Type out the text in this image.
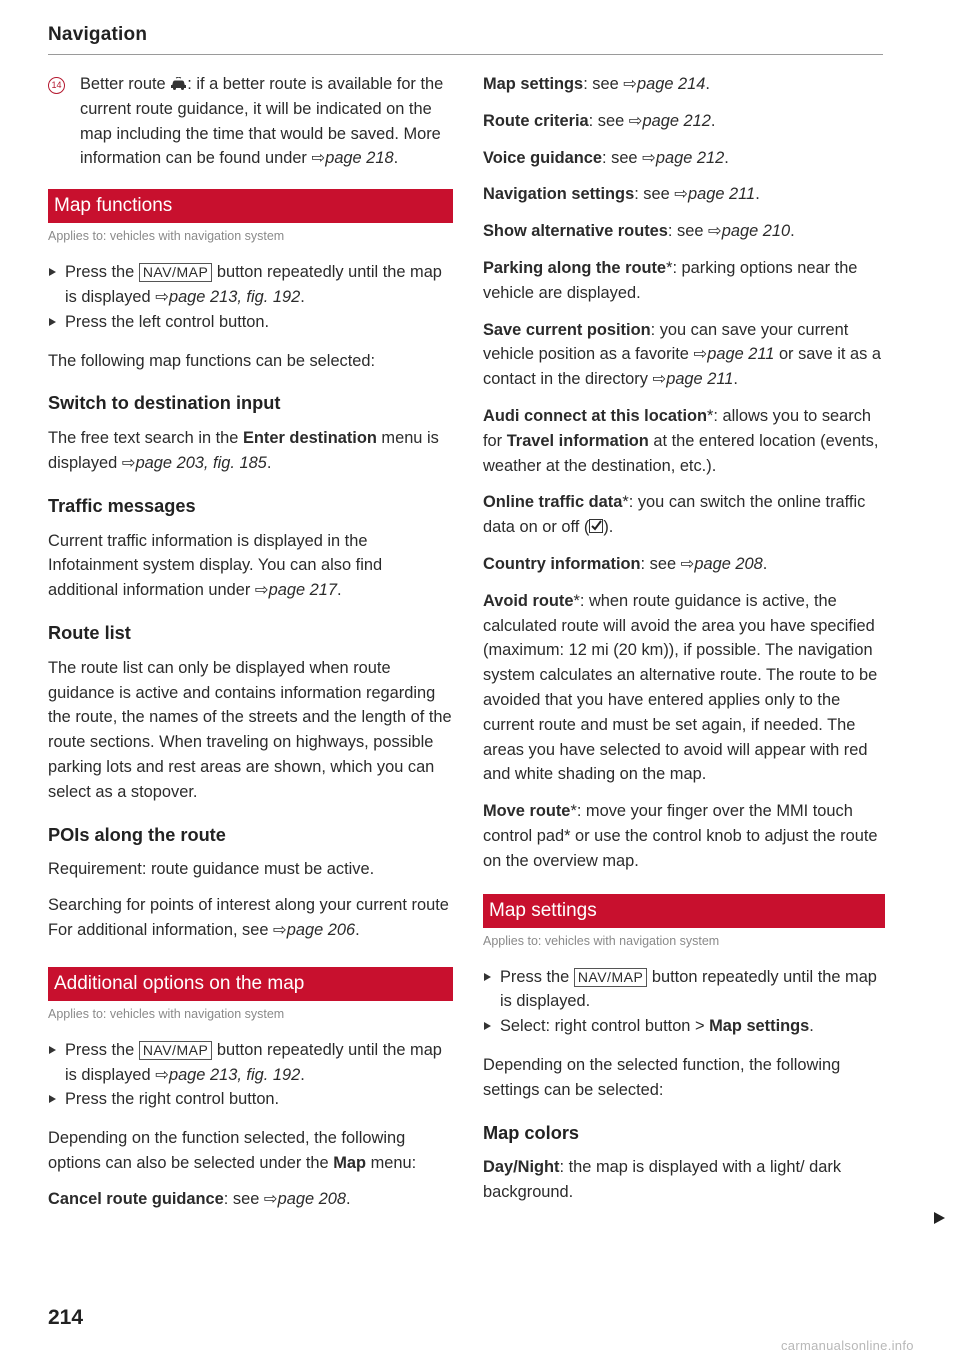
Navigation

14 Better route : if a better route is available for the current route guidance, it will be indicated on the map including the time that would be saved. More information can be found under ⇨page 218.

Map functions
Applies to: vehicles with navigation system

Press the NAV/MAP button repeatedly until the map is displayed ⇨page 213, fig. 192.

Press the left control button.

The following map functions can be selected:

Switch to destination input

The free text search in the Enter destination menu is displayed ⇨page 203, fig. 185.

Traffic messages

Current traffic information is displayed in the Infotainment system display. You can also find additional information under ⇨page 217.

Route list

The route list can only be displayed when route guidance is active and contains information regarding the route, the names of the streets and the length of the route sections. When traveling on highways, possible parking lots and rest areas are shown, which you can select as a stopover.

POIs along the route

Requirement: route guidance must be active.

Searching for points of interest along your current route For additional information, see ⇨page 206.

Additional options on the map
Applies to: vehicles with navigation system

Press the NAV/MAP button repeatedly until the map is displayed ⇨page 213, fig. 192.

Press the right control button.

Depending on the function selected, the following options can also be selected under the Map menu:

Cancel route guidance: see ⇨page 208.

Map settings: see ⇨page 214.

Route criteria: see ⇨page 212.

Voice guidance: see ⇨page 212.

Navigation settings: see ⇨page 211.

Show alternative routes: see ⇨page 210.

Parking along the route*: parking options near the vehicle are displayed.

Save current position: you can save your current vehicle position as a favorite ⇨page 211 or save it as a contact in the directory ⇨page 211.

Audi connect at this location*: allows you to search for Travel information at the entered location (events, weather at the destination, etc.).

Online traffic data*: you can switch the online traffic data on or off ( ).

Country information: see ⇨page 208.

Avoid route*: when route guidance is active, the calculated route will avoid the area you have specified (maximum: 12 mi (20 km)), if possible. The navigation system calculates an alternative route. The route to be avoided that you have entered applies only to the current route and must be set again, if needed. The areas you have selected to avoid will appear with red and white shading on the map.

Move route*: move your finger over the MMI touch control pad* or use the control knob to adjust the route on the overview map.

Map settings
Applies to: vehicles with navigation system

Press the NAV/MAP button repeatedly until the map is displayed.

Select: right control button > Map settings.

Depending on the selected function, the following settings can be selected:

Map colors

Day/Night: the map is displayed with a light/ dark background.

214
carmanualsonline.info
